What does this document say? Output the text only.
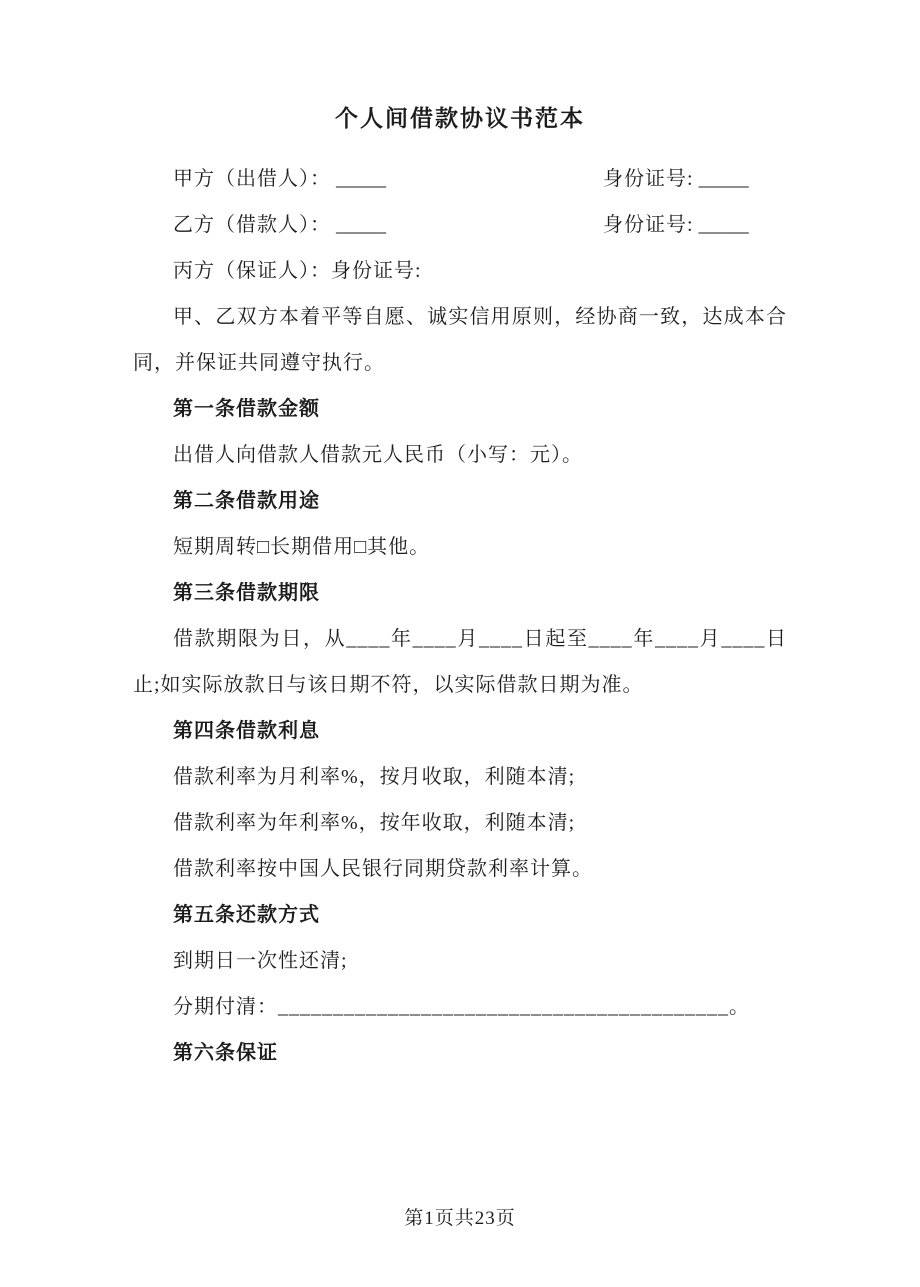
个人间借款协议书范本
甲方（出借人）： _____	身份证号: _____
乙方（借款人）： _____	身份证号: _____
丙方（保证人）：身份证号:

甲、乙双方本着平等自愿、诚实信用原则，经协商一致，达成本合同，并保证共同遵守执行。

第一条借款金额

出借人向借款人借款元人民币（小写：元）。

第二条借款用途

短期周转□长期借用□其他。

第三条借款期限

借款期限为日，从____年____月____日起至____年____月____日止;如实际放款日与该日期不符，以实际借款日期为准。

第四条借款利息

借款利率为月利率%，按月收取，利随本清;

借款利率为年利率%，按年收取，利随本清;

借款利率按中国人民银行同期贷款利率计算。

第五条还款方式

到期日一次性还清;

分期付清：_________________________________________。

第六条保证

第1页共23页
